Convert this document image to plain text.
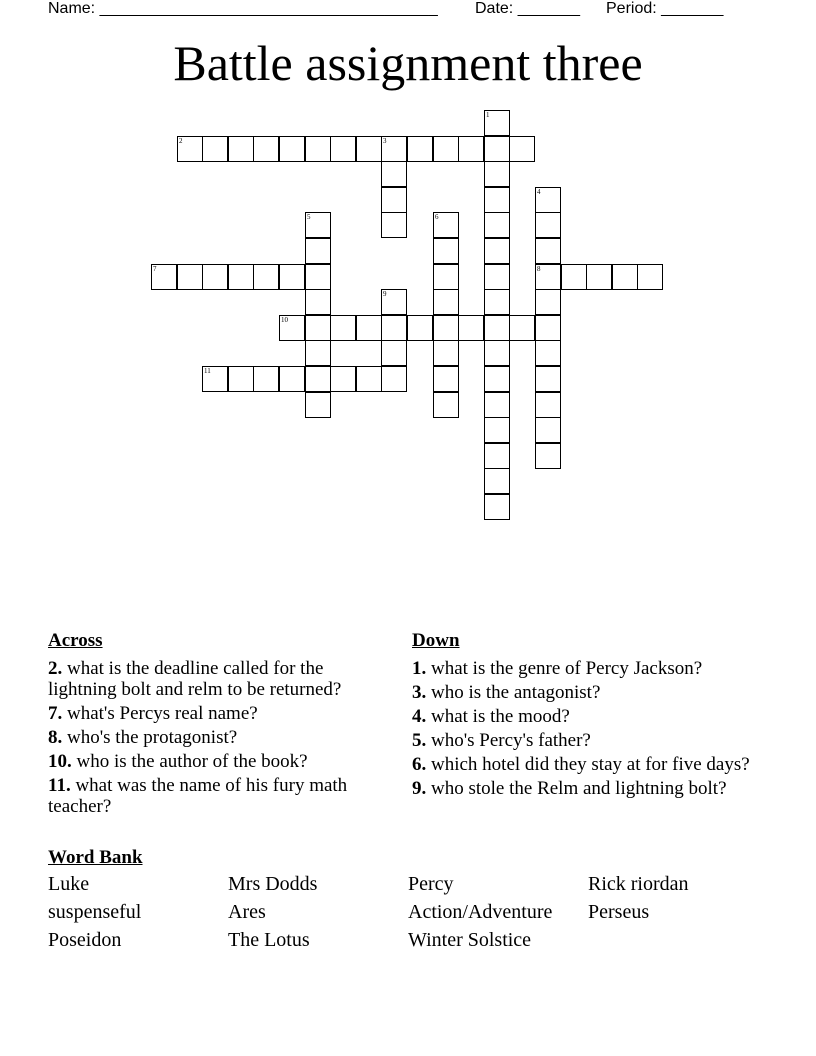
Name: ______________________________________ Date: _______ Period: _______
Battle assignment three
2	3
7	8
10
11
1
4
5	6
9
Across
2. what is the deadline called for the lightning bolt and relm to be returned?
7. what's Percys real name?
8. who's the protagonist?
10. who is the author of the book?
11. what was the name of his fury math teacher?
Down
1. what is the genre of Percy Jackson?
3. who is the antagonist?
4. what is the mood?
5. who's Percy's father?
6. which hotel did they stay at for five days?
9. who stole the Relm and lightning bolt?
Word Bank
Luke	Mrs Dodds	Percy	Rick riordan
suspenseful	Ares	Action/Adventure	Perseus
Poseidon	The Lotus	Winter Solstice
